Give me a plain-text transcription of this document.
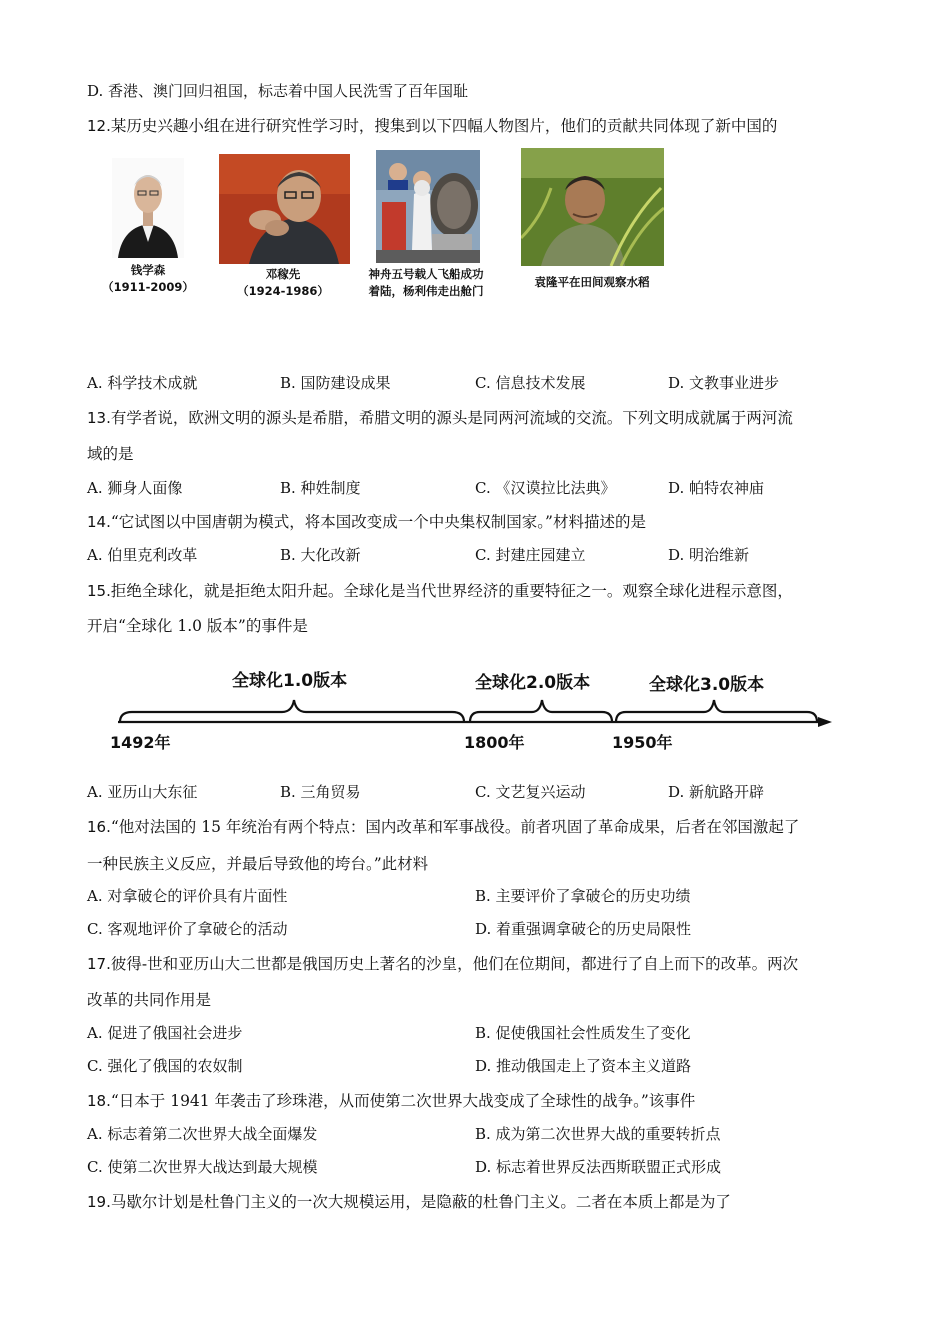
D. 香港、澳门回归祖国，标志着中国人民洗雪了百年国耻
12.某历史兴趣小组在进行研究性学习时，搜集到以下四幅人物图片，他们的贡献共同体现了新中国的
钱学森
（1911-2009）
邓稼先
（1924-1986）
神舟五号载人飞船成功
着陆，杨利伟走出舱门
袁隆平在田间观察水稻
A. 科学技术成就	B. 国防建设成果	C. 信息技术发展	D. 文教事业进步
13.有学者说，欧洲文明的源头是希腊，希腊文明的源头是同两河流域的交流。下列文明成就属于两河流
域的是
A. 狮身人面像	B. 种姓制度	C. 《汉谟拉比法典》	D. 帕特农神庙
14.“它试图以中国唐朝为模式，将本国改变成一个中央集权制国家。”材料描述的是
A. 伯里克利改革	B. 大化改新	C. 封建庄园建立	D. 明治维新
15.拒绝全球化，就是拒绝太阳升起。全球化是当代世界经济的重要特征之一。观察全球化进程示意图，
开启“全球化 1.0 版本”的事件是
全球化1.0版本	全球化2.0版本	全球化3.0版本
1492年	1800年	1950年
A. 亚历山大东征	B. 三角贸易	C. 文艺复兴运动	D. 新航路开辟
16.“他对法国的 15 年统治有两个特点：国内改革和军事战役。前者巩固了革命成果，后者在邻国激起了
一种民族主义反应，并最后导致他的垮台。”此材料
A. 对拿破仑的评价具有片面性	B. 主要评价了拿破仑的历史功绩
C. 客观地评价了拿破仑的活动	D. 着重强调拿破仑的历史局限性
17.彼得-世和亚历山大二世都是俄国历史上著名的沙皇，他们在位期间，都进行了自上而下的改革。两次
改革的共同作用是
A. 促进了俄国社会进步	B. 促使俄国社会性质发生了变化
C. 强化了俄国的农奴制	D. 推动俄国走上了资本主义道路
18.“日本于 1941 年袭击了珍珠港，从而使第二次世界大战变成了全球性的战争。”该事件
A. 标志着第二次世界大战全面爆发	B. 成为第二次世界大战的重要转折点
C. 使第二次世界大战达到最大规模	D. 标志着世界反法西斯联盟正式形成
19.马歇尔计划是杜鲁门主义的一次大规模运用，是隐蔽的杜鲁门主义。二者在本质上都是为了
